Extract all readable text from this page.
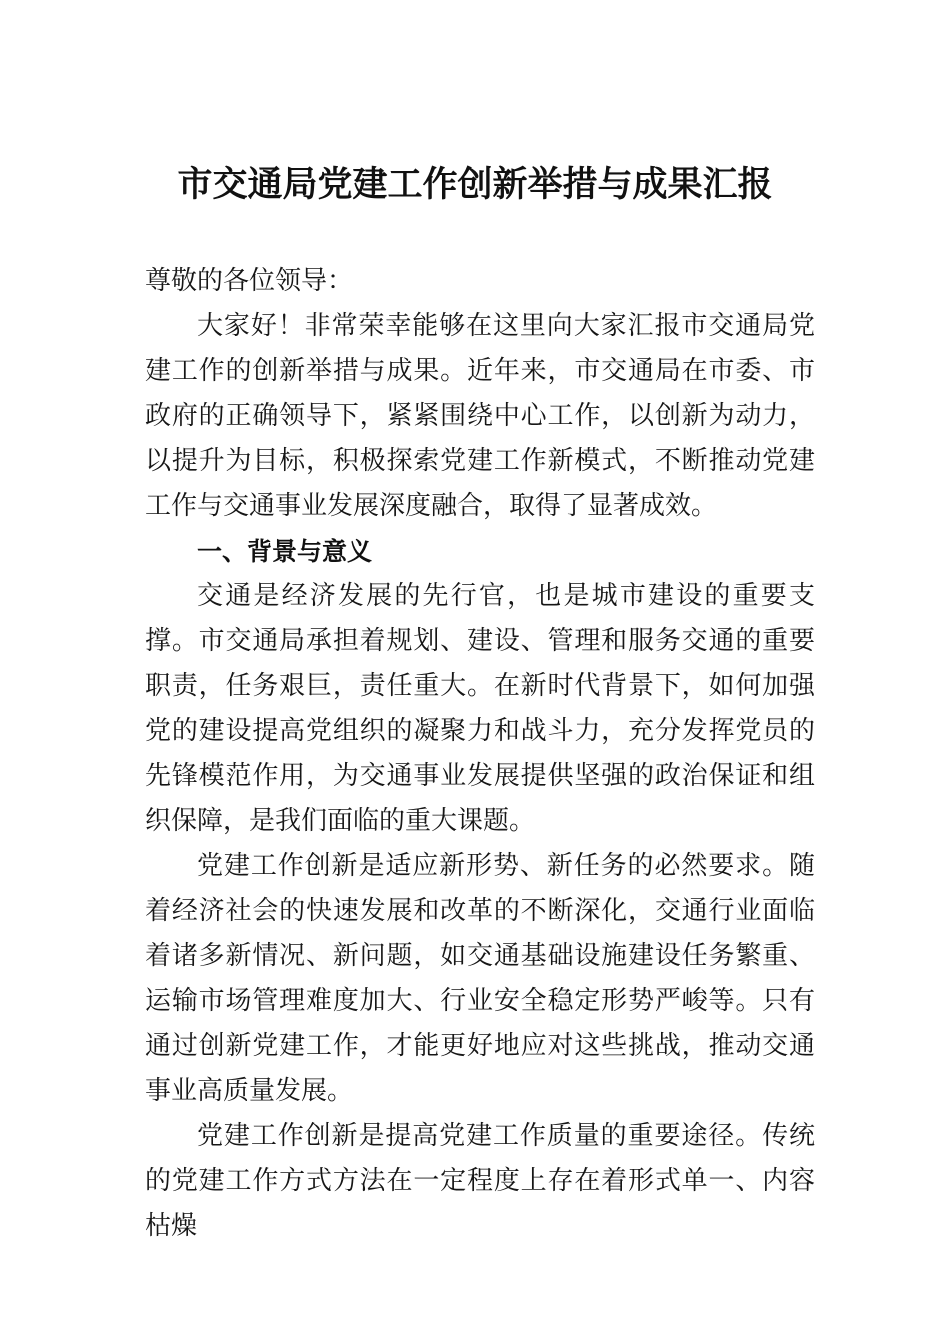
市交通局党建工作创新举措与成果汇报

尊敬的各位领导：

大家好！非常荣幸能够在这里向大家汇报市交通局党建工作的创新举措与成果。近年来，市交通局在市委、市政府的正确领导下，紧紧围绕中心工作，以创新为动力，以提升为目标，积极探索党建工作新模式，不断推动党建工作与交通事业发展深度融合，取得了显著成效。

一、背景与意义

交通是经济发展的先行官，也是城市建设的重要支撑。市交通局承担着规划、建设、管理和服务交通的重要职责，任务艰巨，责任重大。在新时代背景下，如何加强党的建设提高党组织的凝聚力和战斗力，充分发挥党员的先锋模范作用，为交通事业发展提供坚强的政治保证和组织保障，是我们面临的重大课题。

党建工作创新是适应新形势、新任务的必然要求。随着经济社会的快速发展和改革的不断深化，交通行业面临着诸多新情况、新问题，如交通基础设施建设任务繁重、运输市场管理难度加大、行业安全稳定形势严峻等。只有通过创新党建工作，才能更好地应对这些挑战，推动交通事业高质量发展。

党建工作创新是提高党建工作质量的重要途径。传统的党建工作方式方法在一定程度上存在着形式单一、内容枯燥
